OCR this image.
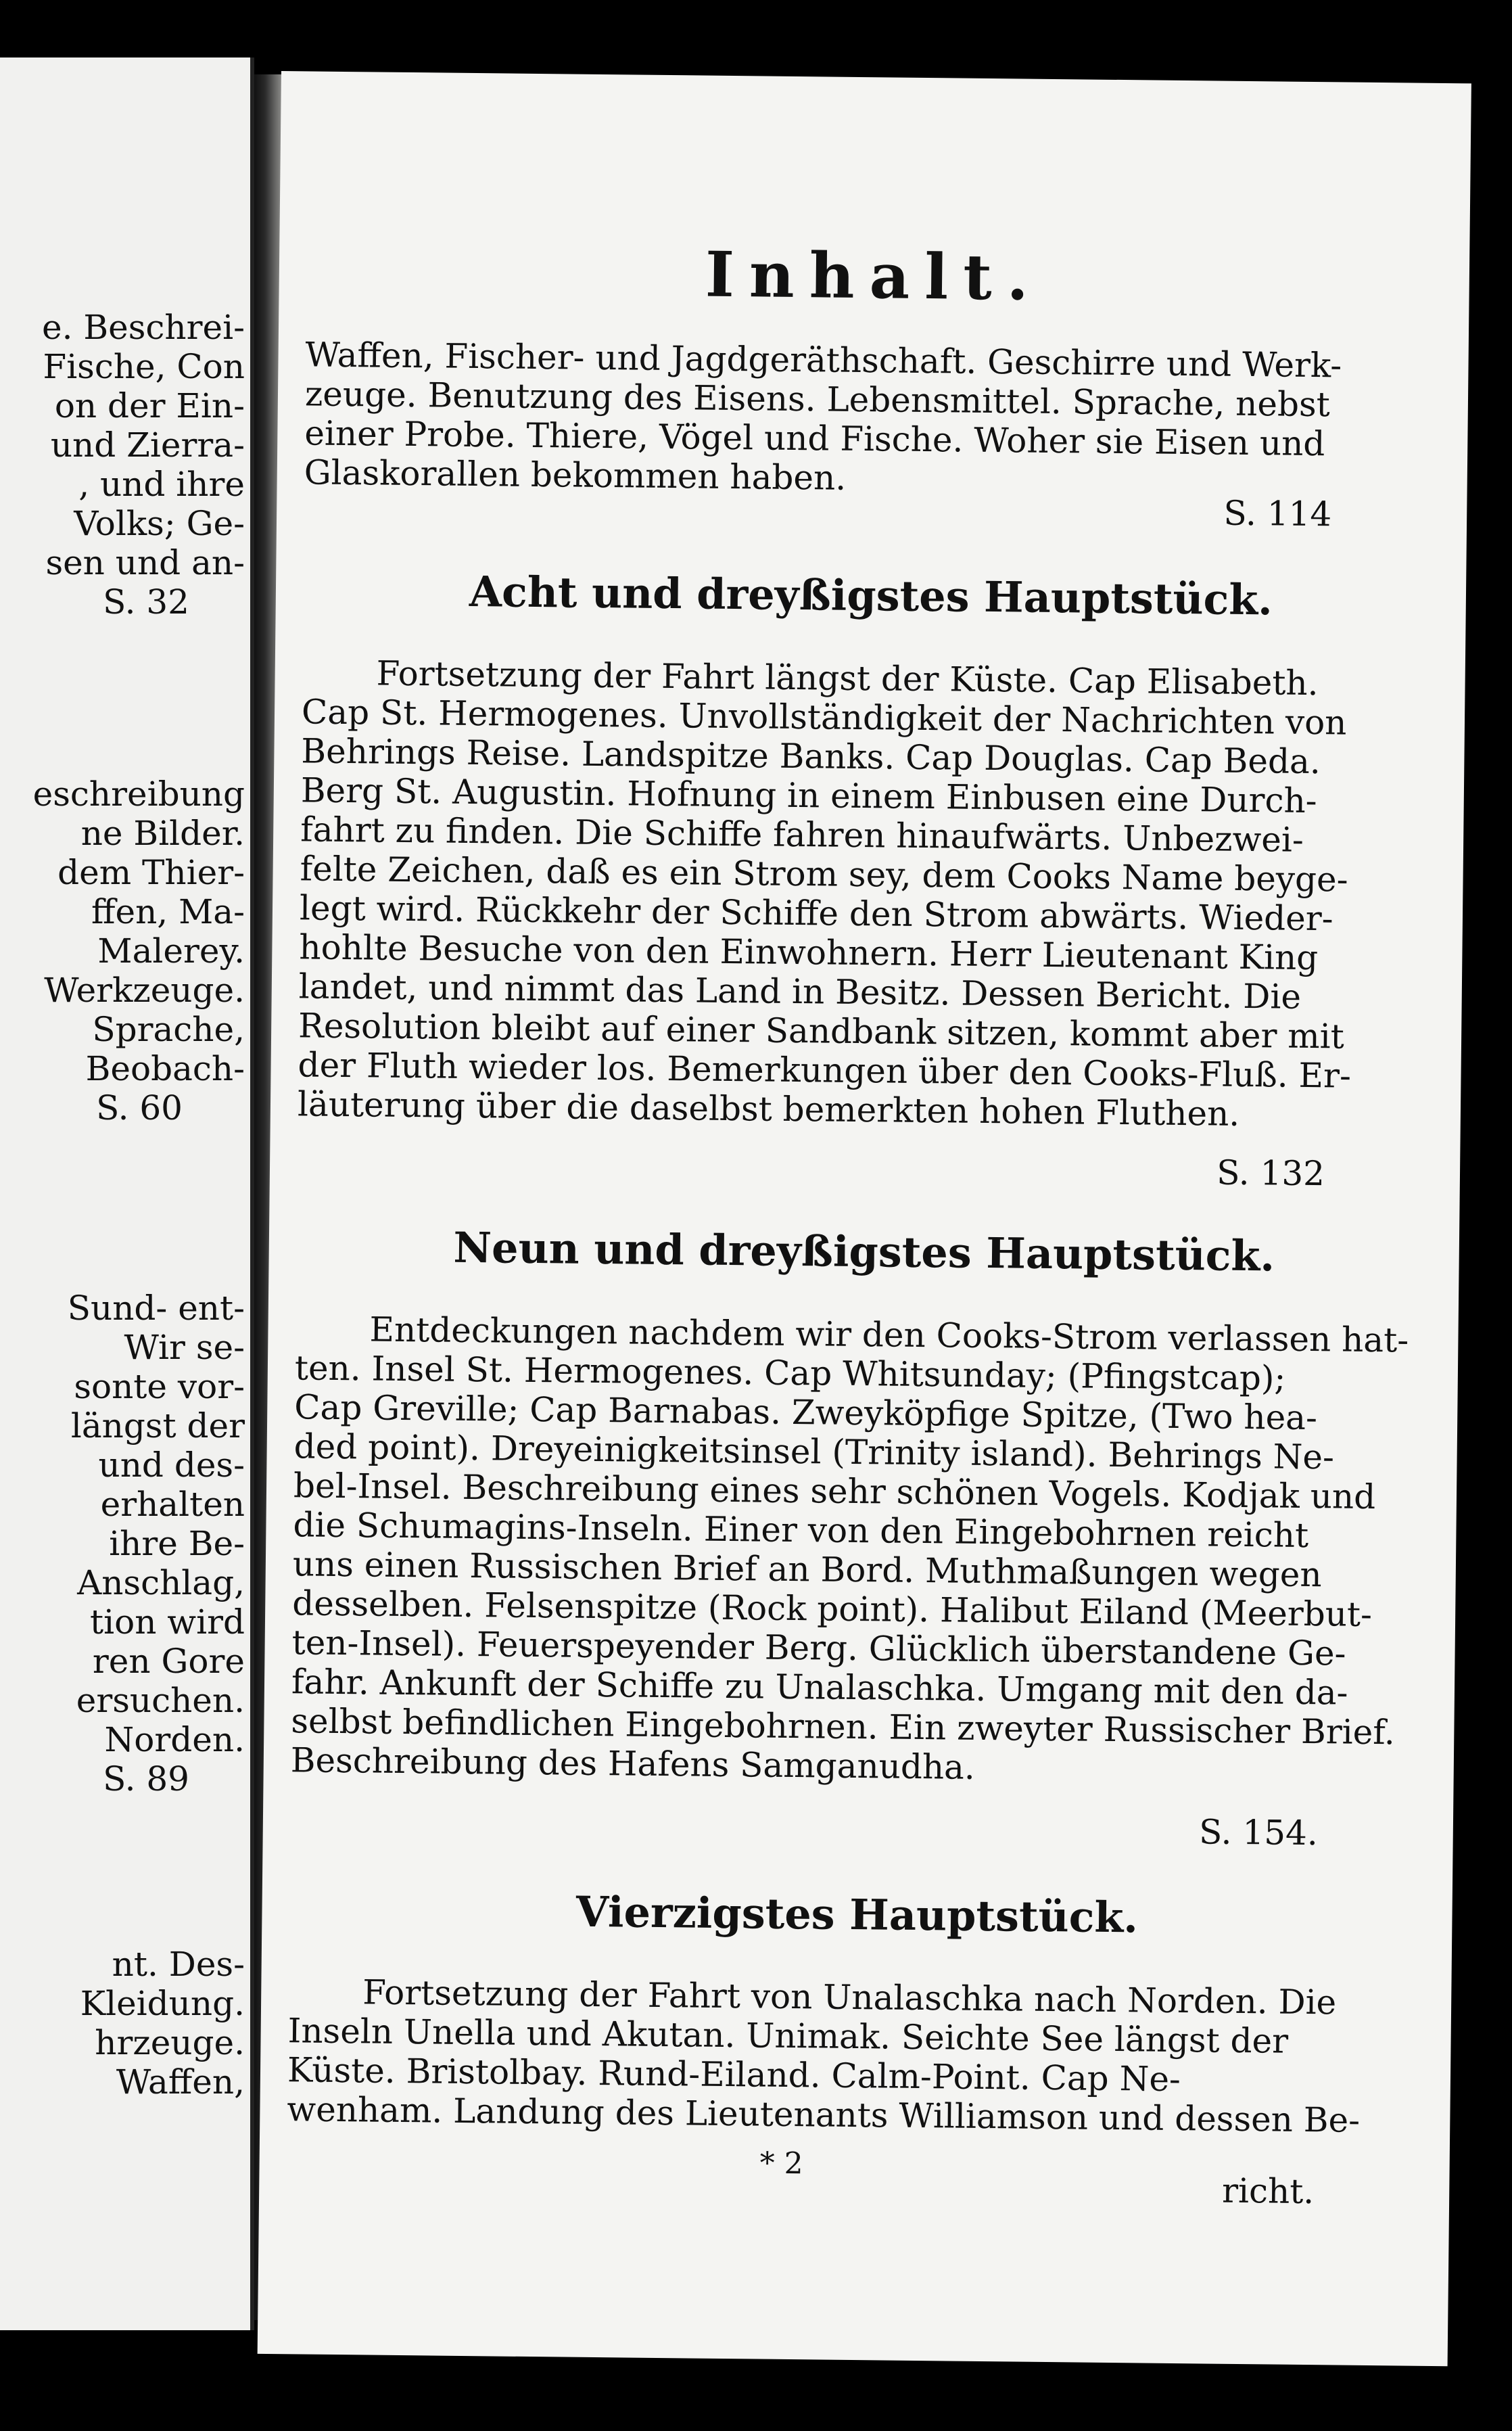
e. Beschrei-
Fische, Con
on der Ein-
und Zierra-
, und ihre
Volks; Ge-
sen und an-
S. 32
eschreibung
ne Bilder.
dem Thier-
ffen, Ma-
Malerey.
Werkzeuge.
Sprache,
Beobach-
S. 60
Sund- ent-
Wir se-
sonte vor-
längst der
und des-
erhalten
ihre Be-
Anschlag,
tion wird
ren Gore
ersuchen.
Norden.
S. 89
nt. Des-
Kleidung.
hrzeuge.
Waffen,
Inhalt.
Waffen, Fischer- und Jagdgeräthschaft. Geschirre und Werk-
zeuge. Benutzung des Eisens. Lebensmittel. Sprache, nebst
einer Probe. Thiere, Vögel und Fische. Woher sie Eisen und
Glaskorallen bekommen haben.
S. 114
Acht und dreyßigstes Hauptstück.
Fortsetzung der Fahrt längst der Küste. Cap Elisabeth.
Cap St. Hermogenes. Unvollständigkeit der Nachrichten von
Behrings Reise. Landspitze Banks. Cap Douglas. Cap Beda.
Berg St. Augustin. Hofnung in einem Einbusen eine Durch-
fahrt zu finden. Die Schiffe fahren hinaufwärts. Unbezwei-
felte Zeichen, daß es ein Strom sey, dem Cooks Name beyge-
legt wird. Rückkehr der Schiffe den Strom abwärts. Wieder-
hohlte Besuche von den Einwohnern. Herr Lieutenant King
landet, und nimmt das Land in Besitz. Dessen Bericht. Die
Resolution bleibt auf einer Sandbank sitzen, kommt aber mit
der Fluth wieder los. Bemerkungen über den Cooks-Fluß. Er-
läuterung über die daselbst bemerkten hohen Fluthen.
S. 132
Neun und dreyßigstes Hauptstück.
Entdeckungen nachdem wir den Cooks-Strom verlassen hat-
ten. Insel St. Hermogenes. Cap Whitsunday; (Pfingstcap);
Cap Greville; Cap Barnabas. Zweyköpfige Spitze, (Two hea-
ded point). Dreyeinigkeitsinsel (Trinity island). Behrings Ne-
bel-Insel. Beschreibung eines sehr schönen Vogels. Kodjak und
die Schumagins-Inseln. Einer von den Eingebohrnen reicht
uns einen Russischen Brief an Bord. Muthmaßungen wegen
desselben. Felsenspitze (Rock point). Halibut Eiland (Meerbut-
ten-Insel). Feuerspeyender Berg. Glücklich überstandene Ge-
fahr. Ankunft der Schiffe zu Unalaschka. Umgang mit den da-
selbst befindlichen Eingebohrnen. Ein zweyter Russischer Brief.
Beschreibung des Hafens Samganudha.
S. 154.
Vierzigstes Hauptstück.
Fortsetzung der Fahrt von Unalaschka nach Norden. Die
Inseln Unella und Akutan. Unimak. Seichte See längst der
Küste. Bristolbay. Rund-Eiland. Calm-Point. Cap Ne-
wenham. Landung des Lieutenants Williamson und dessen Be-
* 2
richt.
